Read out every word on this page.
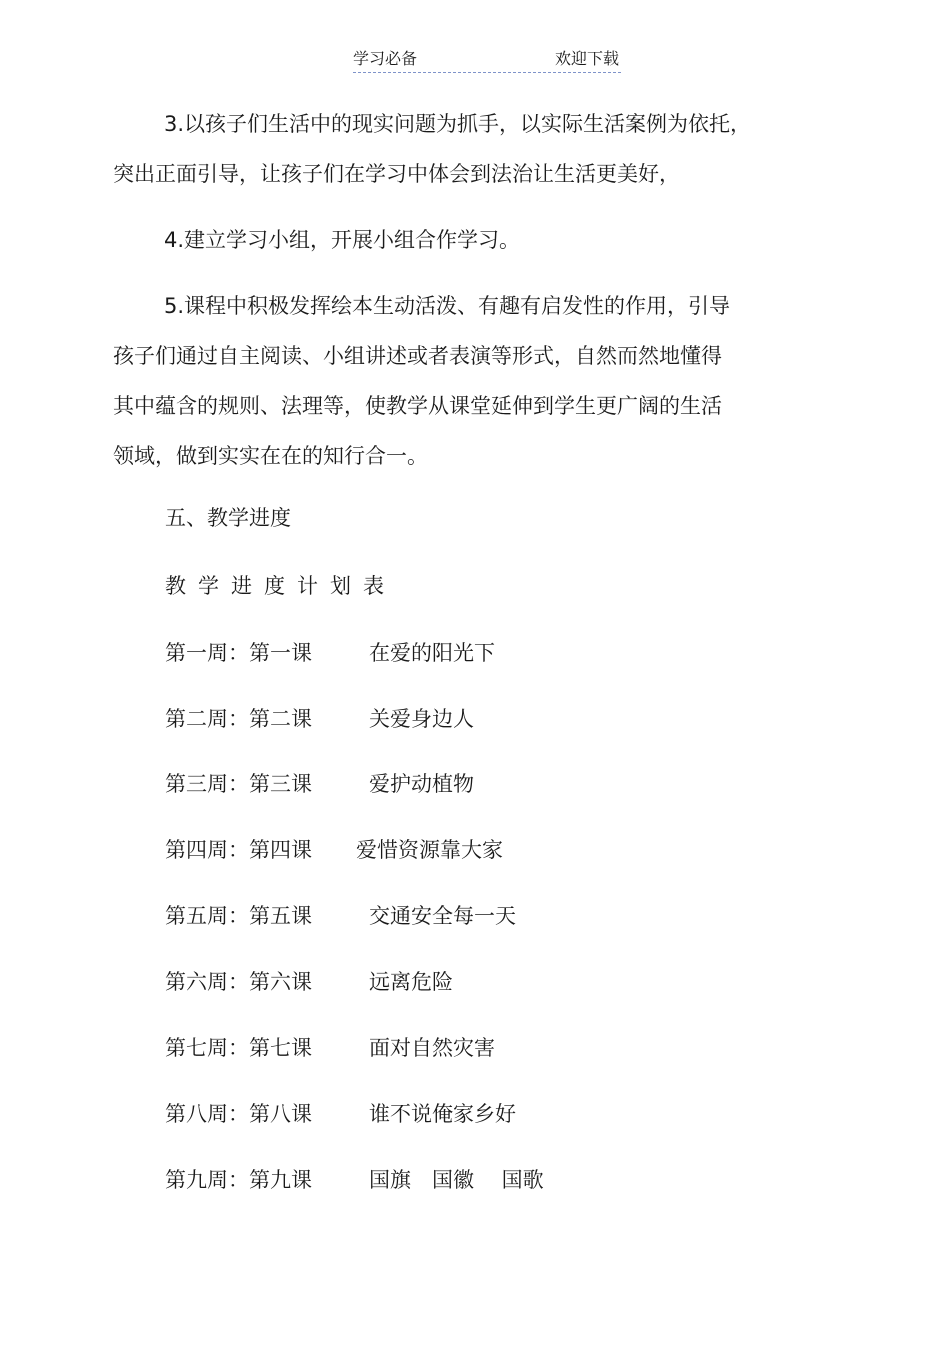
学习必备	欢迎下载

3.以孩子们生活中的现实问题为抓手，以实际生活案例为依托，
突出正面引导，让孩子们在学习中体会到法治让生活更美好，

4.建立学习小组，开展小组合作学习。

5.课程中积极发挥绘本生动活泼、有趣有启发性的作用，引导
孩子们通过自主阅读、小组讲述或者表演等形式，自然而然地懂得
其中蕴含的规则、法理等，使教学从课堂延伸到学生更广阔的生活
领域，做到实实在在的知行合一。

五、教学进度
教学进度计划表
第一周：第一课	在爱的阳光下
第二周：第二课	关爱身边人
第三周：第三课	爱护动植物
第四周：第四课 爱惜资源靠大家
第五周：第五课	交通安全每一天
第六周：第六课	远离危险
第七周：第七课	面对自然灾害
第八周：第八课	谁不说俺家乡好
第九周：第九课	国旗　国徽　 国歌
